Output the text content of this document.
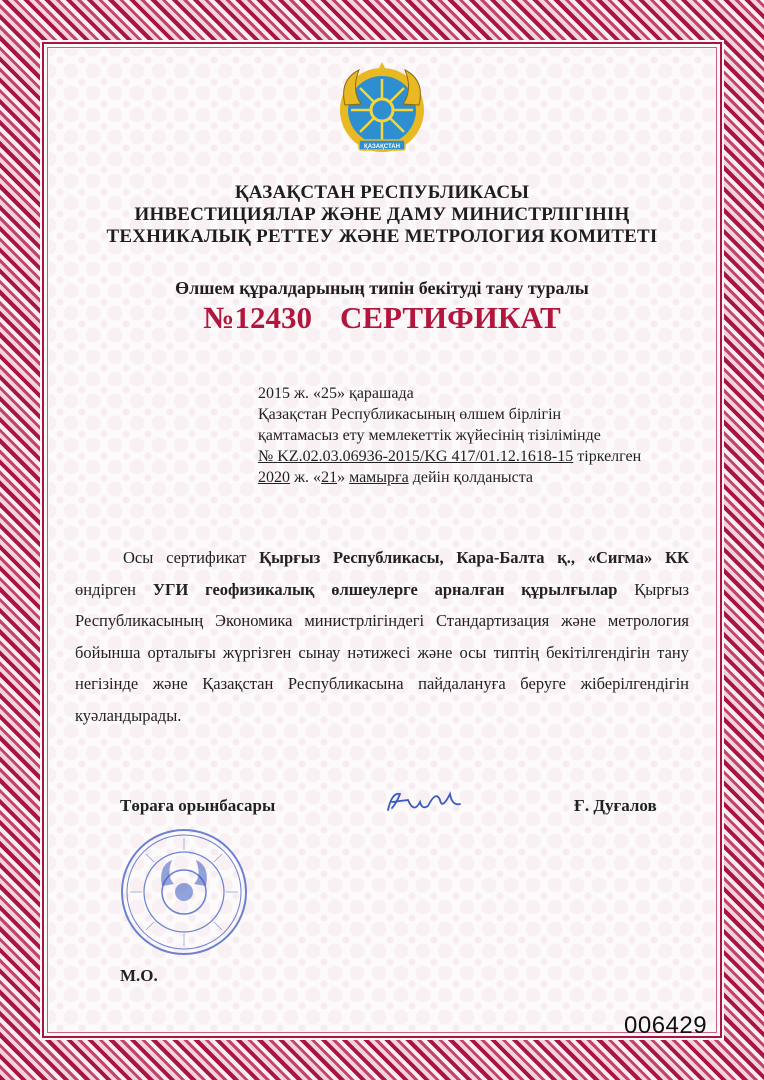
ҚАЗАҚСТАН
ҚАЗАҚСТАН РЕСПУБЛИКАСЫ
ИНВЕСТИЦИЯЛАР ЖӘНЕ ДАМУ МИНИСТРЛІГІНІҢ
ТЕХНИКАЛЫҚ РЕТТЕУ ЖӘНЕ МЕТРОЛОГИЯ КОМИТЕТІ
Өлшем құралдарының типін бекітуді тану туралы
№12430 СЕРТИФИКАТ
2015 ж. «25» қарашада
Қазақстан Республикасының өлшем бірлігін
қамтамасыз ету мемлекеттік жүйесінің тізілімінде
№ KZ.02.03.06936-2015/KG 417/01.12.1618-15 тіркелген
2020 ж. «21» мамырға дейін қолданыста

Осы сертификат Қырғыз Республикасы, Кара-Балта қ., «Сигма» КК өндірген УГИ геофизикалық өлшеулерге арналған құрылғылар Қырғыз Республикасының Экономика министрлігіндегі Стандартизация және метрология бойынша орталығы жүргізген сынау нәтижесі және осы типтің бекітілгендігін тану негізінде және Қазақстан Республикасына пайдалануға беруге жіберілгендігін куәландырады.

Төраға орынбасары	Ғ. Дуғалов
М.О.
006429
